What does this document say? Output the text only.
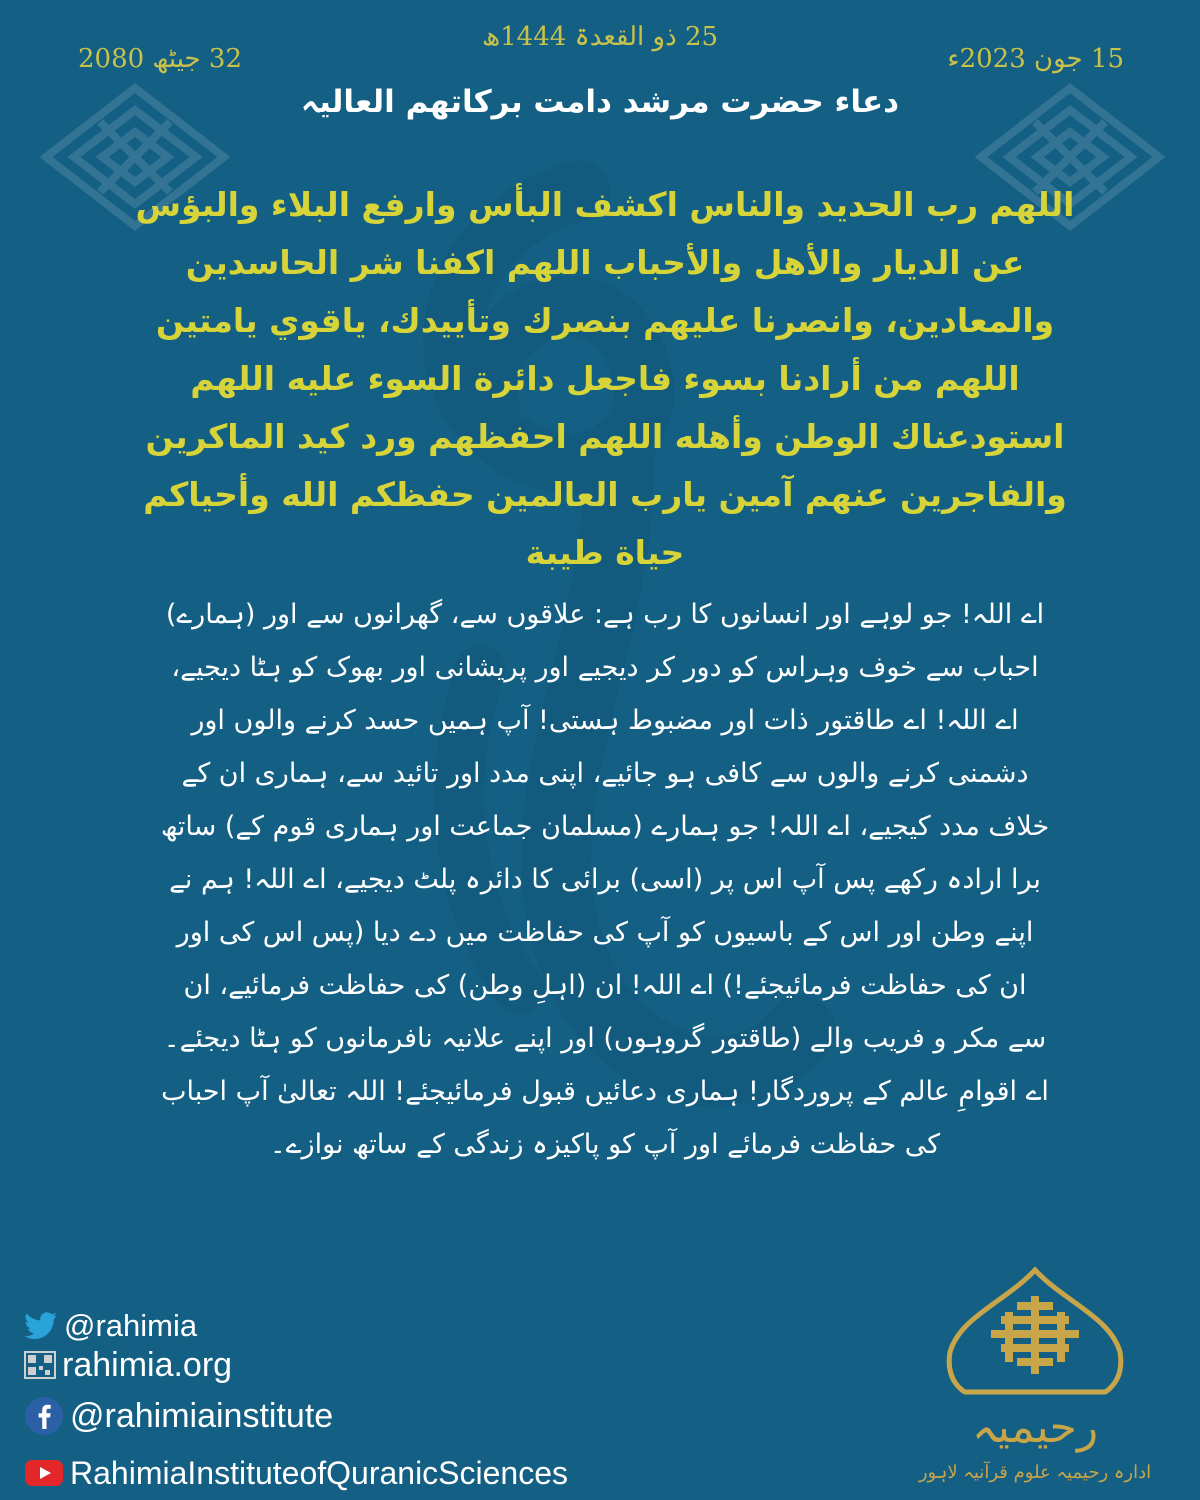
25 ذو القعدۃ 1444ھ
32 جیٹھ 2080	15 جون 2023ء
دعاء حضرت مرشد دامت برکاتھم العالیہ

اللهم رب الحديد والناس اكشف البأس وارفع البلاء والبؤس عن الديار والأهل والأحباب اللهم اكفنا شر الحاسدين والمعادين، وانصرنا عليهم بنصرك وتأييدك، ياقوي يامتين اللهم من أرادنا بسوء فاجعل دائرة السوء عليه اللهم استودعناك الوطن وأهله اللهم احفظهم ورد كيد الماكرين والفاجرين عنهم آمين يارب العالمين حفظكم الله وأحياكم حياة طيبة

اے اللہ! جو لوہے اور انسانوں کا رب ہے: علاقوں سے، گھرانوں سے اور (ہمارے) احباب سے خوف وہراس کو دور کر دیجیے اور پریشانی اور بھوک کو ہٹا دیجیے، اے اللہ! اے طاقتور ذات اور مضبوط ہستی! آپ ہمیں حسد کرنے والوں اور دشمنی کرنے والوں سے کافی ہو جائیے، اپنی مدد اور تائید سے، ہماری ان کے خلاف مدد کیجیے، اے اللہ! جو ہمارے (مسلمان جماعت اور ہماری قوم کے) ساتھ برا ارادہ رکھے پس آپ اس پر (اسی) برائی کا دائرہ پلٹ دیجیے، اے اللہ! ہم نے اپنے وطن اور اس کے باسیوں کو آپ کی حفاظت میں دے دیا (پس اس کی اور ان کی حفاظت فرمائیجئے!) اے اللہ! ان (اہلِ وطن) کی حفاظت فرمائیے، ان سے مکر و فریب والے (طاقتور گروہوں) اور اپنے علانیہ نافرمانوں کو ہٹا دیجئے۔ اے اقوامِ عالم کے پروردگار! ہماری دعائیں قبول فرمائیجئے! اللہ تعالیٰ آپ احباب کی حفاظت فرمائے اور آپ کو پاکیزہ زندگی کے ساتھ نوازے۔

@rahimia
rahimia.org
@rahimiainstitute
RahimiaInstituteofQuranicSciences
رحیمیہ
ادارہ رحیمیہ علوم قرآنیہ لاہور
